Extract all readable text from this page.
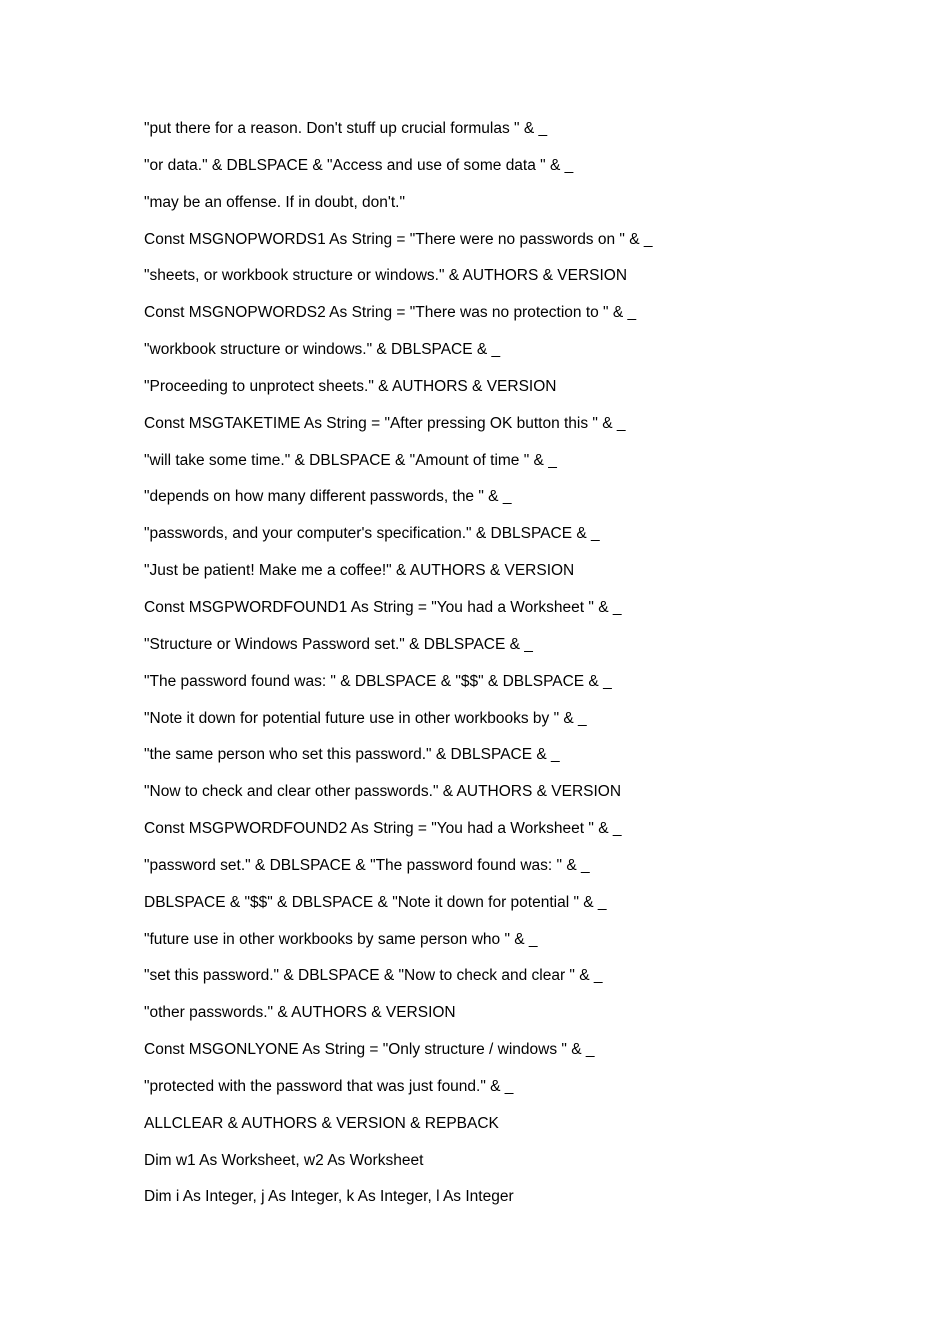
"put there for a reason. Don't stuff up crucial formulas " & _
"or data." & DBLSPACE & "Access and use of some data " & _
"may be an offense. If in doubt, don't."
Const MSGNOPWORDS1 As String = "There were no passwords on " & _
"sheets, or workbook structure or windows." & AUTHORS & VERSION
Const MSGNOPWORDS2 As String = "There was no protection to " & _
"workbook structure or windows." & DBLSPACE & _
"Proceeding to unprotect sheets." & AUTHORS & VERSION
Const MSGTAKETIME As String = "After pressing OK button this " & _
"will take some time." & DBLSPACE & "Amount of time " & _
"depends on how many different passwords, the " & _
"passwords, and your computer's specification." & DBLSPACE & _
"Just be patient! Make me a coffee!" & AUTHORS & VERSION
Const MSGPWORDFOUND1 As String = "You had a Worksheet " & _
"Structure or Windows Password set." & DBLSPACE & _
"The password found was: " & DBLSPACE & "$$" & DBLSPACE & _
"Note it down for potential future use in other workbooks by " & _
"the same person who set this password." & DBLSPACE & _
"Now to check and clear other passwords." & AUTHORS & VERSION
Const MSGPWORDFOUND2 As String = "You had a Worksheet " & _
"password set." & DBLSPACE & "The password found was: " & _
DBLSPACE & "$$" & DBLSPACE & "Note it down for potential " & _
"future use in other workbooks by same person who " & _
"set this password." & DBLSPACE & "Now to check and clear " & _
"other passwords." & AUTHORS & VERSION
Const MSGONLYONE As String = "Only structure / windows " & _
"protected with the password that was just found." & _
ALLCLEAR & AUTHORS & VERSION & REPBACK
Dim w1 As Worksheet, w2 As Worksheet
Dim i As Integer, j As Integer, k As Integer, l As Integer
